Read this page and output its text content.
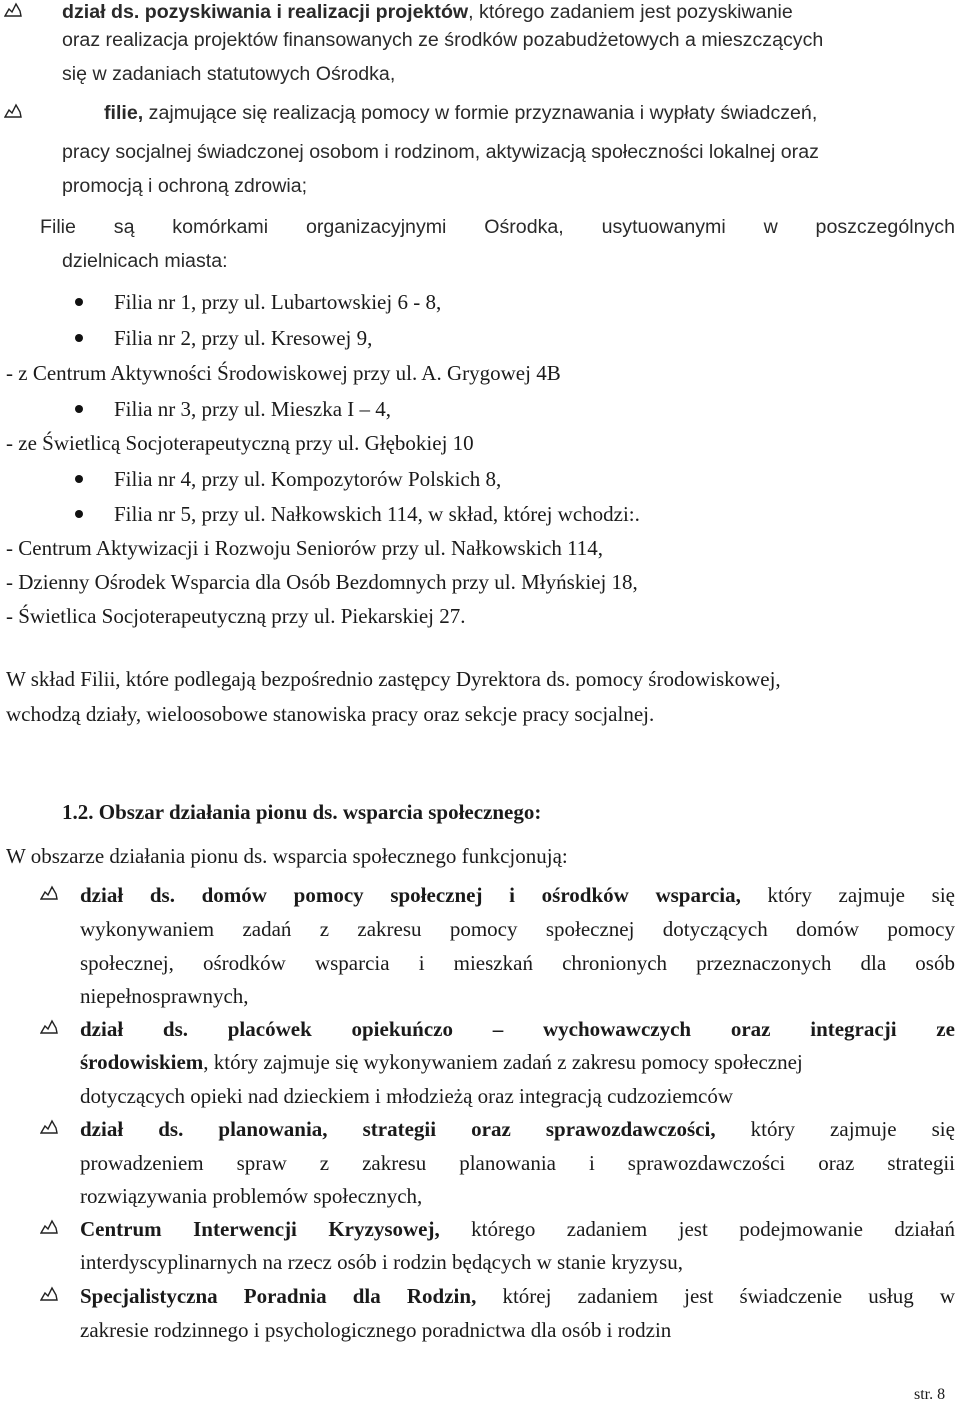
dział ds. pozyskiwania i realizacji projektów, którego zadaniem jest pozyskiwanie
oraz realizacja projektów finansowanych ze środków pozabudżetowych a mieszczących
się w zadaniach statutowych Ośrodka,
filie, zajmujące się realizacją pomocy w formie przyznawania i wypłaty świadczeń,
pracy socjalnej świadczonej osobom i rodzinom, aktywizacją społeczności lokalnej oraz
promocją i ochroną zdrowia;
Filie są komórkami organizacyjnymi Ośrodka, usytuowanymi w poszczególnych
dzielnicach miasta:
Filia nr 1, przy ul. Lubartowskiej 6 - 8,
Filia nr 2, przy ul. Kresowej 9,
- z Centrum Aktywności Środowiskowej przy ul. A. Grygowej 4B
Filia nr 3, przy ul. Mieszka I – 4,
- ze Świetlicą Socjoterapeutyczną przy ul. Głębokiej 10
Filia nr 4, przy ul. Kompozytorów Polskich 8,
Filia nr 5, przy ul. Nałkowskich 114, w skład, której wchodzi:.
- Centrum Aktywizacji i Rozwoju Seniorów przy ul. Nałkowskich 114,
- Dzienny Ośrodek Wsparcia dla Osób Bezdomnych przy ul. Młyńskiej 18,
- Świetlica Socjoterapeutyczną przy ul. Piekarskiej 27.
W skład Filii, które podlegają bezpośrednio zastępcy Dyrektora ds. pomocy środowiskowej,
wchodzą działy, wieloosobowe stanowiska pracy oraz sekcje pracy socjalnej.
1.2. Obszar działania pionu ds. wsparcia społecznego:
W obszarze działania pionu ds. wsparcia społecznego funkcjonują:
dział ds. domów pomocy społecznej i ośrodków wsparcia, który zajmuje się
wykonywaniem zadań z zakresu pomocy społecznej dotyczących domów pomocy
społecznej, ośrodków wsparcia i mieszkań chronionych przeznaczonych dla osób
niepełnosprawnych,
dział ds. placówek opiekuńczo – wychowawczych oraz integracji ze
środowiskiem, który zajmuje się wykonywaniem zadań z zakresu pomocy społecznej
dotyczących opieki nad dzieckiem i młodzieżą oraz integracją cudzoziemców
dział ds. planowania, strategii oraz sprawozdawczości, który zajmuje się
prowadzeniem spraw z zakresu planowania i sprawozdawczości oraz strategii
rozwiązywania problemów społecznych,
Centrum Interwencji Kryzysowej, którego zadaniem jest podejmowanie działań
interdyscyplinarnych na rzecz osób i rodzin będących w stanie kryzysu,
Specjalistyczna Poradnia dla Rodzin, której zadaniem jest świadczenie usług w
zakresie rodzinnego i psychologicznego poradnictwa dla osób i rodzin
str. 8
